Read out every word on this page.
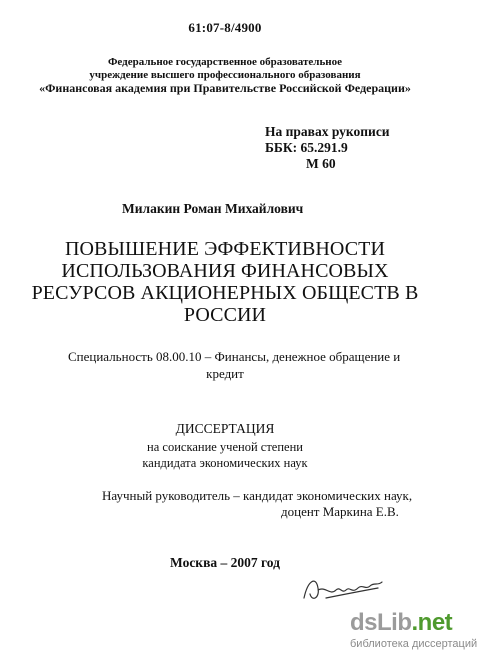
61:07-8/4900
Федеральное государственное образовательное
учреждение высшего профессионального образования
«Финансовая академия при Правительстве Российской Федерации»
На правах рукописи
ББК: 65.291.9
М 60
Милакин Роман Михайлович
ПОВЫШЕНИЕ ЭФФЕКТИВНОСТИ
ИСПОЛЬЗОВАНИЯ ФИНАНСОВЫХ
РЕСУРСОВ АКЦИОНЕРНЫХ ОБЩЕСТВ В
РОССИИ
Специальность 08.00.10 – Финансы, денежное обращение и
кредит
ДИССЕРТАЦИЯ
на соискание ученой степени
кандидата экономических наук
Научный руководитель – кандидат экономических наук,
доцент Маркина Е.В.
Москва – 2007 год
dsLib.net
библиотека диссертаций
